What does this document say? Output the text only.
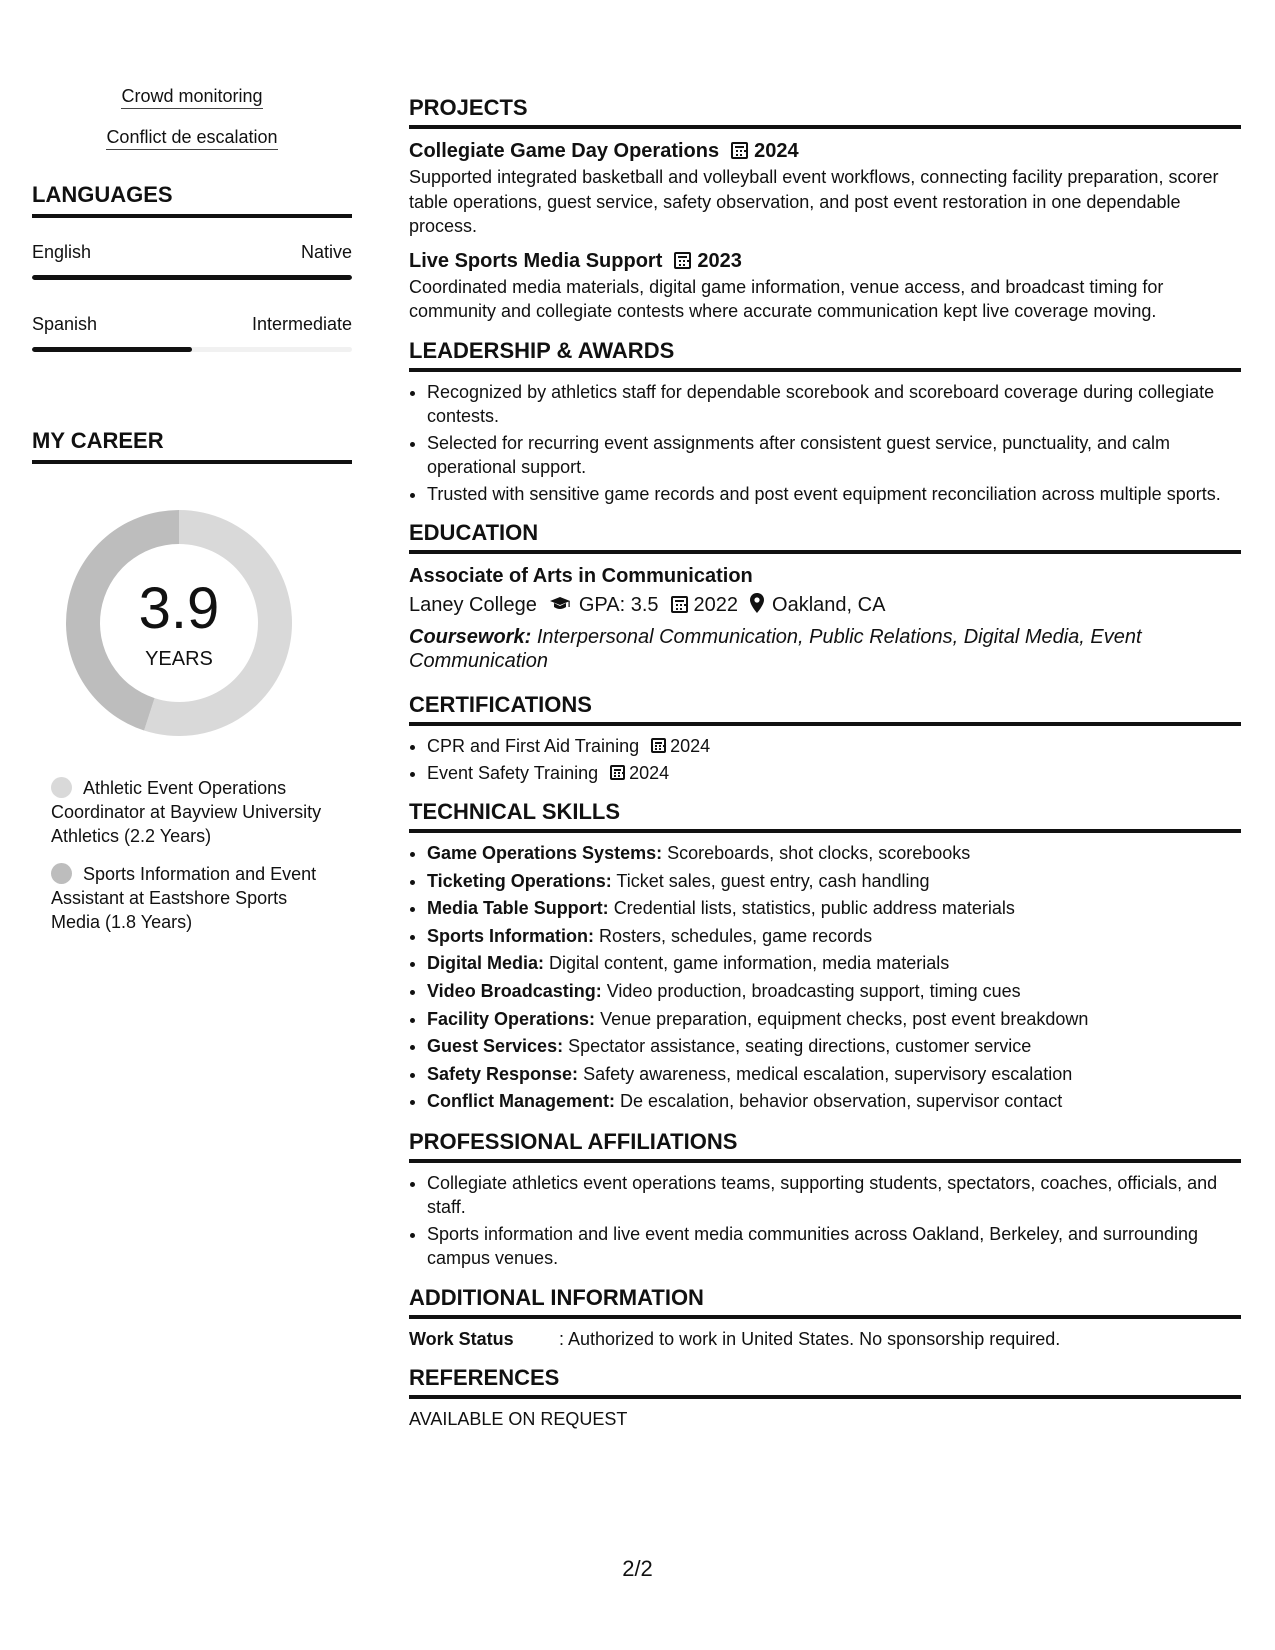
Crowd monitoring
Conflict de escalation
LANGUAGES
English	Native
Spanish	Intermediate
MY CAREER
3.9
YEARS
Athletic Event Operations Coordinator at Bayview University Athletics (2.2 Years)
Sports Information and Event Assistant at Eastshore Sports Media (1.8 Years)
PROJECTS
Collegiate Game Day Operations 2024
Supported integrated basketball and volleyball event workflows, connecting facility preparation, scorer table operations, guest service, safety observation, and post event restoration in one dependable process.
Live Sports Media Support 2023
Coordinated media materials, digital game information, venue access, and broadcast timing for community and collegiate contests where accurate communication kept live coverage moving.
LEADERSHIP & AWARDS
• Recognized by athletics staff for dependable scorebook and scoreboard coverage during collegiate contests.
• Selected for recurring event assignments after consistent guest service, punctuality, and calm operational support.
• Trusted with sensitive game records and post event equipment reconciliation across multiple sports.
EDUCATION
Associate of Arts in Communication
Laney College GPA: 3.5 2022 Oakland, CA
Coursework: Interpersonal Communication, Public Relations, Digital Media, Event Communication
CERTIFICATIONS
• CPR and First Aid Training 2024
• Event Safety Training 2024
TECHNICAL SKILLS
• Game Operations Systems: Scoreboards, shot clocks, scorebooks
• Ticketing Operations: Ticket sales, guest entry, cash handling
• Media Table Support: Credential lists, statistics, public address materials
• Sports Information: Rosters, schedules, game records
• Digital Media: Digital content, game information, media materials
• Video Broadcasting: Video production, broadcasting support, timing cues
• Facility Operations: Venue preparation, equipment checks, post event breakdown
• Guest Services: Spectator assistance, seating directions, customer service
• Safety Response: Safety awareness, medical escalation, supervisory escalation
• Conflict Management: De escalation, behavior observation, supervisor contact
PROFESSIONAL AFFILIATIONS
• Collegiate athletics event operations teams, supporting students, spectators, coaches, officials, and staff.
• Sports information and live event media communities across Oakland, Berkeley, and surrounding campus venues.
ADDITIONAL INFORMATION
Work Status	: Authorized to work in United States. No sponsorship required.
REFERENCES
AVAILABLE ON REQUEST
2/2
